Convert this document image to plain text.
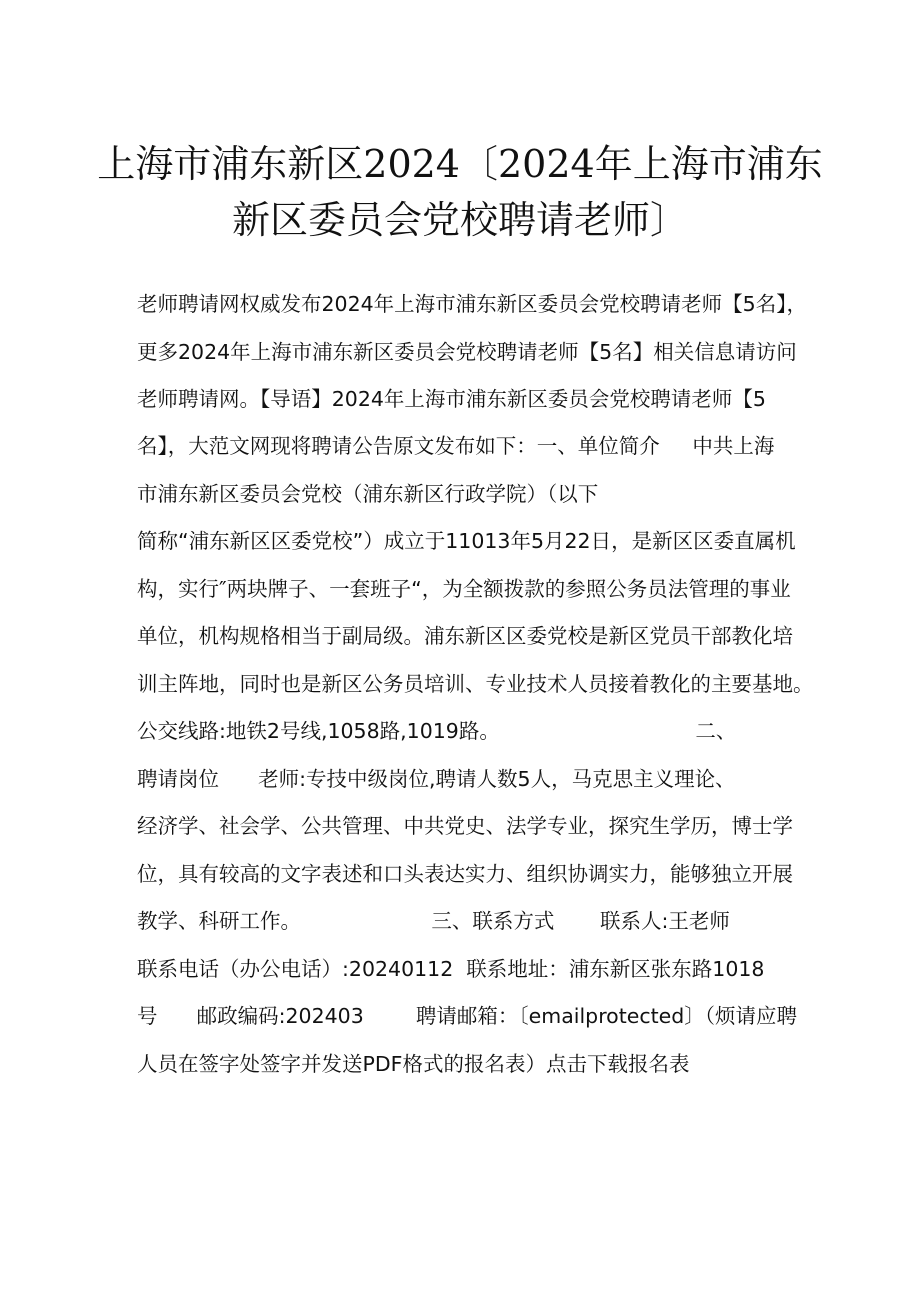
上海市浦东新区2024〔2024年上海市浦东
新区委员会党校聘请老师〕
老师聘请网权威发布2024年上海市浦东新区委员会党校聘请老师【5名】，
更多2024年上海市浦东新区委员会党校聘请老师【5名】相关信息请访问
老师聘请网。【导语】2024年上海市浦东新区委员会党校聘请老师【5
名】，大范文网现将聘请公告原文发布如下：一、单位简介     中共上海
市浦东新区委员会党校（浦东新区行政学院）（以下
简称“浦东新区区委党校”）成立于11013年5月22日，是新区区委直属机
构，实行″两块牌子、一套班子“，为全额拨款的参照公务员法管理的事业
单位，机构规格相当于副局级。浦东新区区委党校是新区党员干部教化培
训主阵地，同时也是新区公务员培训、专业技术人员接着教化的主要基地。
公交线路:地铁2号线,1058路,1019路。                              二、
聘请岗位      老师:专技中级岗位,聘请人数5人，马克思主义理论、
经济学、社会学、公共管理、中共党史、法学专业，探究生学历，博士学
位，具有较高的文字表述和口头表达实力、组织协调实力，能够独立开展
教学、科研工作。                    三、联系方式       联系人:王老师
联系电话（办公电话）:20240112  联系地址：浦东新区张东路1018
号      邮政编码:202403        聘请邮箱：〔emailprotected〕（烦请应聘
人员在签字处签字并发送PDF格式的报名表）点击下载报名表
